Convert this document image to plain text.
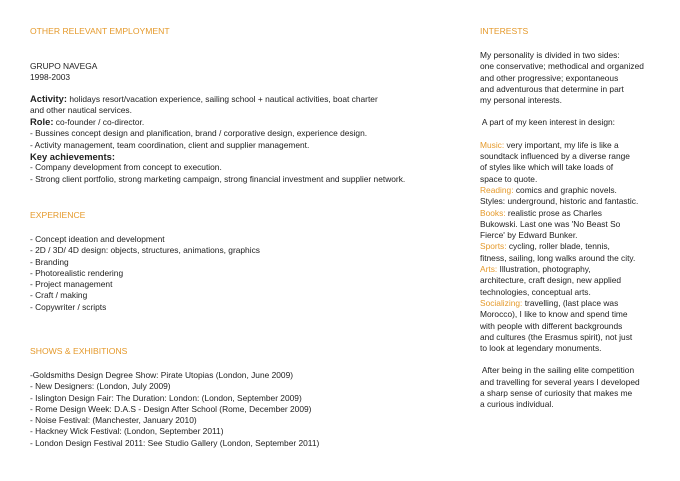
OTHER RELEVANT EMPLOYMENT
GRUPO NAVEGA
1998-2003
Activity: holidays resort/vacation experience, sailing school + nautical activities, boat charter
and other nautical services.
Role: co-founder / co-director.
- Bussines concept design and planification, brand / corporative design, experience design.
- Activity management, team coordination, client and supplier management.
Key achievements:
- Company development from concept to execution.
- Strong client portfolio, strong marketing campaign, strong financial investment and supplier network.
EXPERIENCE
- Concept ideation and development
- 2D / 3D/ 4D design: objects, structures, animations, graphics
- Branding
- Photorealistic rendering
- Project management
- Craft / making
- Copywriter / scripts
SHOWS & EXHIBITIONS
-Goldsmiths Design Degree Show: Pirate Utopias (London, June 2009)
- New Designers: (London, July 2009)
- Islington Design Fair: The Duration: London: (London, September 2009)
- Rome Design Week: D.A.S - Design After School (Rome, December 2009)
- Noise Festival: (Manchester, January 2010)
- Hackney Wick Festival: (London, September 2011)
- London Design Festival 2011: See Studio Gallery (London, September 2011)
INTERESTS
My personality is divided in two sides:
one conservative; methodical and organized
and other progressive; expontaneous
and adventurous that determine in part
my personal interests.
A part of my keen interest in design:
Music: very important, my life is like a
soundtack influenced by a diverse range
of styles like which will take loads of
space to quote.
Reading: comics and graphic novels.
Styles: underground, historic and fantastic.
Books: realistic prose as Charles
Bukowski. Last one was 'No Beast So
Fierce' by Edward Bunker.
Sports: cycling, roller blade, tennis,
fitness, sailing, long walks around the city.
Arts: Illustration, photography,
architecture, craft design, new applied
technologies, conceptual arts.
Socializing: travelling, (last place was
Morocco), I like to know and spend time
with people with different backgrounds
and cultures (the Erasmus spirit), not just
to look at legendary monuments.
After being in the sailing elite competition
and travelling for several years I developed
a sharp sense of curiosity that makes me
a curious individual.
